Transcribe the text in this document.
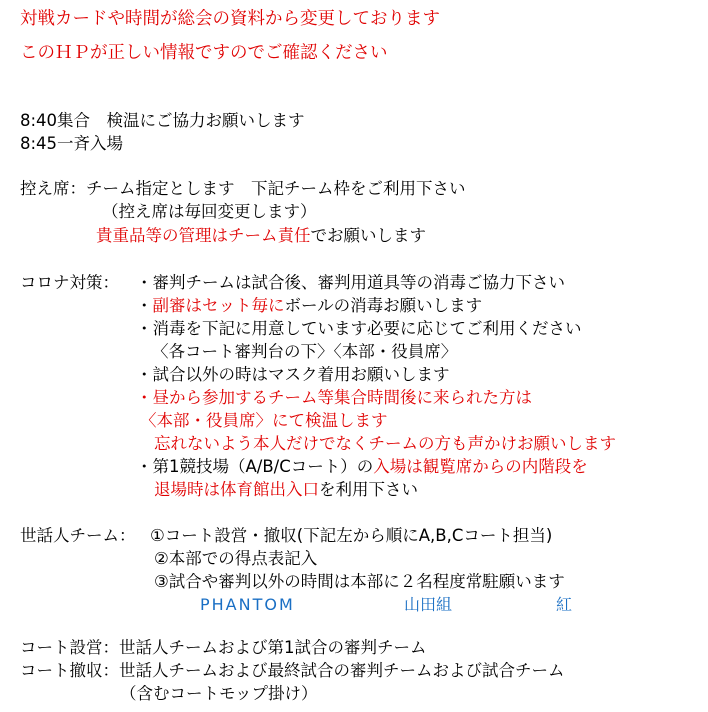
対戦カードや時間が総会の資料から変更しております
このＨＰが正しい情報ですのでご確認ください
8:40集合　検温にご協力お願いします
8:45一斉入場
控え席：チーム指定とします　下記チーム枠をご利用下さい
（控え席は毎回変更します）
貴重品等の管理はチーム責任でお願いします
コロナ対策： ・審判チームは試合後、審判用道具等の消毒ご協力下さい
・副審はセット毎にボールの消毒お願いします
・消毒を下記に用意しています必要に応じてご利用ください
〈各コート審判台の下〉〈本部・役員席〉
・試合以外の時はマスク着用お願いします
・昼から参加するチーム等集合時間後に来られた方は
〈本部・役員席〉にて検温します
忘れないよう本人だけでなくチームの方も声かけお願いします
・第1競技場（A/B/Cコート）の入場は観覧席からの内階段を
退場時は体育館出入口を利用下さい
世話人チーム： ①コート設営・撤収(下記左から順にA,B,Cコート担当)
②本部での得点表記入
③試合や審判以外の時間は本部に２名程度常駐願います
PHANTOM	山田組	紅
コート設営：世話人チームおよび第1試合の審判チーム
コート撤収：世話人チームおよび最終試合の審判チームおよび試合チーム
（含むコートモップ掛け）
